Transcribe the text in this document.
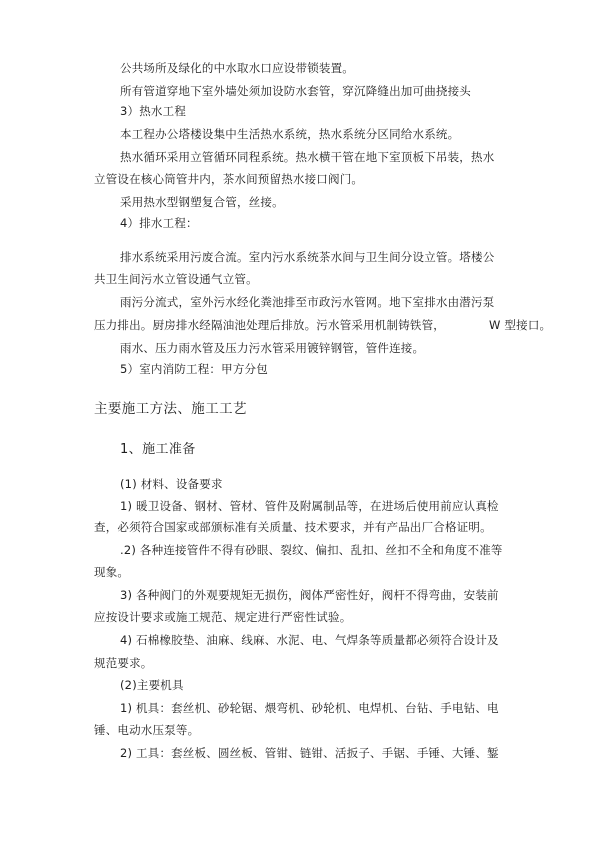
公共场所及绿化的中水取水口应设带锁装置。
所有管道穿地下室外墙处须加设防水套管，穿沉降缝出加可曲挠接头
3）热水工程
本工程办公塔楼设集中生活热水系统，热水系统分区同给水系统。
热水循环采用立管循环同程系统。热水横干管在地下室顶板下吊装，热水
立管设在核心筒管井内，茶水间预留热水接口阀门。
采用热水型钢塑复合管，丝接。
4）排水工程：
排水系统采用污废合流。室内污水系统茶水间与卫生间分设立管。塔楼公
共卫生间污水立管设通气立管。
雨污分流式，室外污水经化粪池排至市政污水管网。地下室排水由潜污泵
压力排出。厨房排水经隔油池处理后排放。污水管采用机制铸铁管，	W 型接口。
雨水、压力雨水管及压力污水管采用镀锌钢管，管件连接。
5）室内消防工程：甲方分包
主要施工方法、施工工艺
1、施工准备
(1) 材料、设备要求
1) 暖卫设备、钢材、管材、管件及附属制品等，在进场后使用前应认真检
查，必须符合国家或部颁标准有关质量、技术要求，并有产品出厂合格证明。
.2) 各种连接管件不得有砂眼、裂纹、偏扣、乱扣、丝扣不全和角度不准等
现象。
3) 各种阀门的外观要规矩无损伤，阀体严密性好，阀杆不得弯曲，安装前
应按设计要求或施工规范、规定进行严密性试验。
4) 石棉橡胶垫、油麻、线麻、水泥、电、气焊条等质量都必须符合设计及
规范要求。
(2)主要机具
1) 机具：套丝机、砂轮锯、煨弯机、砂轮机、电焊机、台钻、手电钻、电
锤、电动水压泵等。
2) 工具：套丝板、圆丝板、管钳、链钳、活扳子、手锯、手锤、大锤、錾
